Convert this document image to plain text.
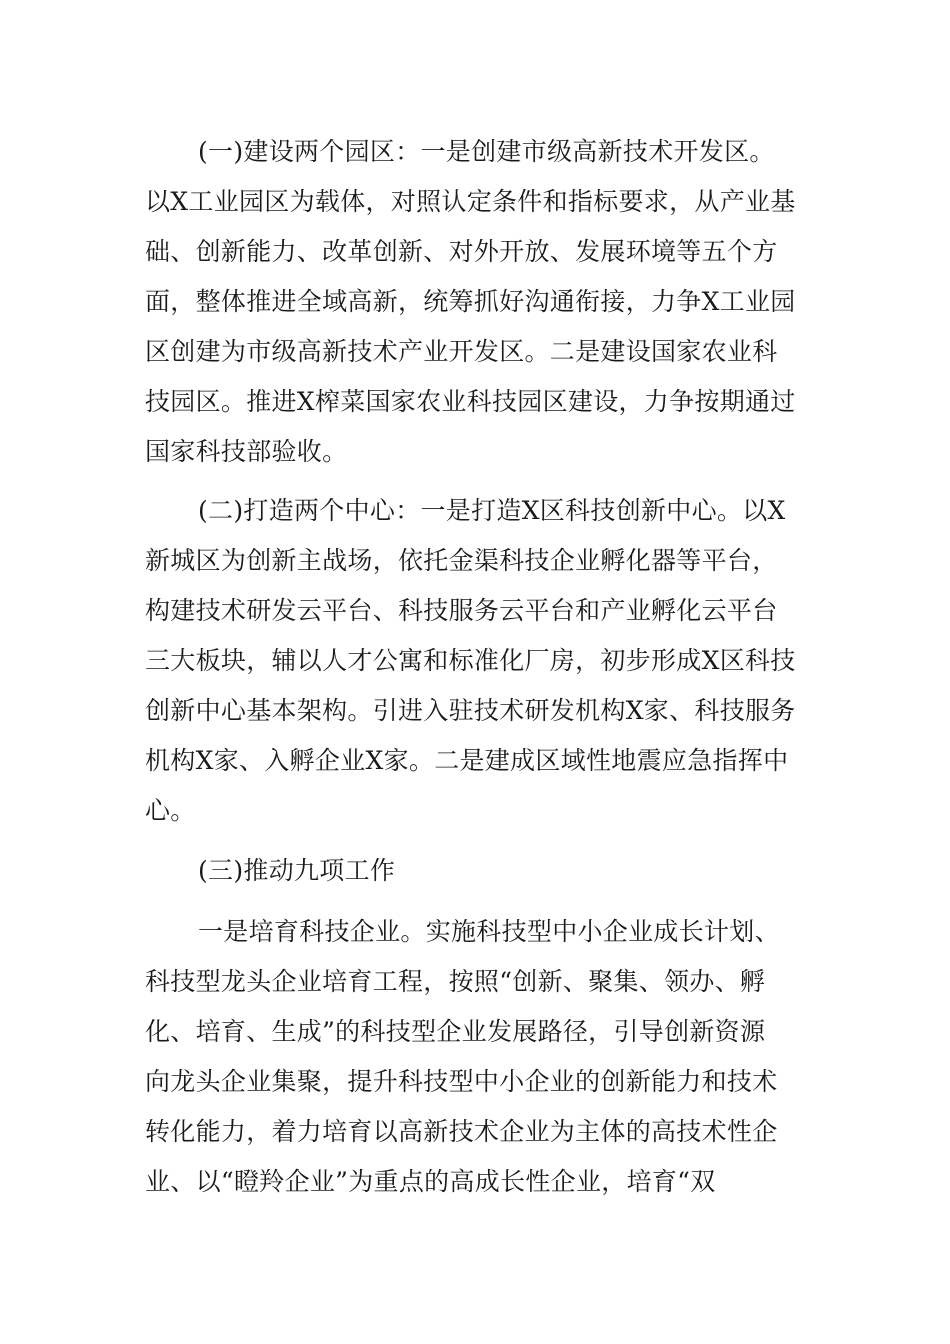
(一)建设两个园区：一是创建市级高新技术开发区。
以X工业园区为载体，对照认定条件和指标要求，从产业基
础、创新能力、改革创新、对外开放、发展环境等五个方
面，整体推进全域高新，统筹抓好沟通衔接，力争X工业园
区创建为市级高新技术产业开发区。二是建设国家农业科
技园区。推进X榨菜国家农业科技园区建设，力争按期通过
国家科技部验收。
(二)打造两个中心：一是打造X区科技创新中心。以X
新城区为创新主战场，依托金渠科技企业孵化器等平台，
构建技术研发云平台、科技服务云平台和产业孵化云平台
三大板块，辅以人才公寓和标准化厂房，初步形成X区科技
创新中心基本架构。引进入驻技术研发机构X家、科技服务
机构X家、入孵企业X家。二是建成区域性地震应急指挥中
心。
(三)推动九项工作
一是培育科技企业。实施科技型中小企业成长计划、
科技型龙头企业培育工程，按照“创新、聚集、领办、孵
化、培育、生成”的科技型企业发展路径，引导创新资源
向龙头企业集聚，提升科技型中小企业的创新能力和技术
转化能力，着力培育以高新技术企业为主体的高技术性企
业、以“瞪羚企业”为重点的高成长性企业，培育“双
